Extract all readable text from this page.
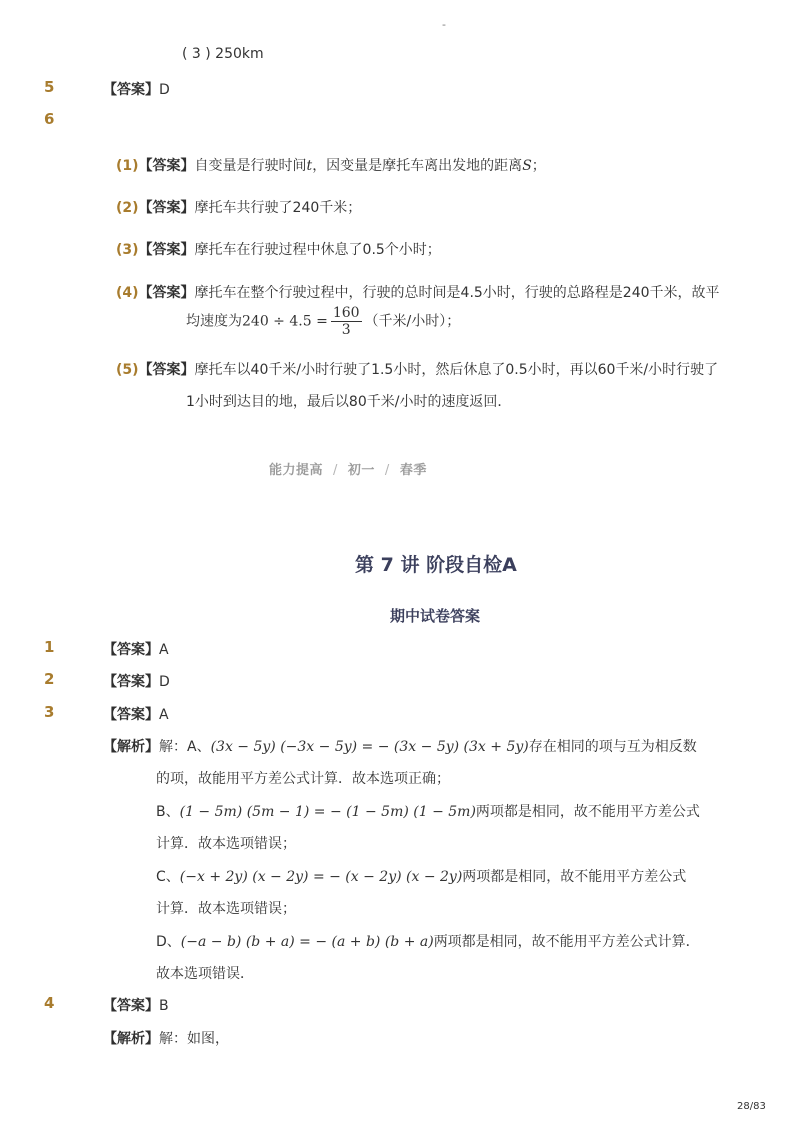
-
( 3 ) 250km
5	【答案】D
6
(1)【答案】自变量是行驶时间t，因变量是摩托车离出发地的距离S；
(2)【答案】摩托车共行驶了240千米；
(3)【答案】摩托车在行驶过程中休息了0.5个小时；
(4)【答案】摩托车在整个行驶过程中，行驶的总时间是4.5小时，行驶的总路程是240千米，故平
均速度为$240 \div 4.5 = \frac{160}{3}$ （千米/小时）；
(5)【答案】摩托车以40千米/小时行驶了1.5小时，然后休息了0.5小时，再以60千米/小时行驶了
1小时到达目的地，最后以80千米/小时的速度返回．
能力提高 / 初一 / 春季
第 7 讲 阶段自检A
期中试卷答案
1	【答案】A
2	【答案】D
3	【答案】A
【解析】解：A、(3x − 5y) (−3x − 5y) = − (3x − 5y) (3x + 5y)存在相同的项与互为相反数
的项，故能用平方差公式计算．故本选项正确；
B、(1 − 5m) (5m − 1) = − (1 − 5m) (1 − 5m)两项都是相同，故不能用平方差公式
计算．故本选项错误；
C、(−x + 2y) (x − 2y) = − (x − 2y) (x − 2y)两项都是相同，故不能用平方差公式
计算．故本选项错误；
D、(−a − b) (b + a) = − (a + b) (b + a)两项都是相同，故不能用平方差公式计算．
故本选项错误．
4	【答案】B
【解析】解：如图，
28/83
